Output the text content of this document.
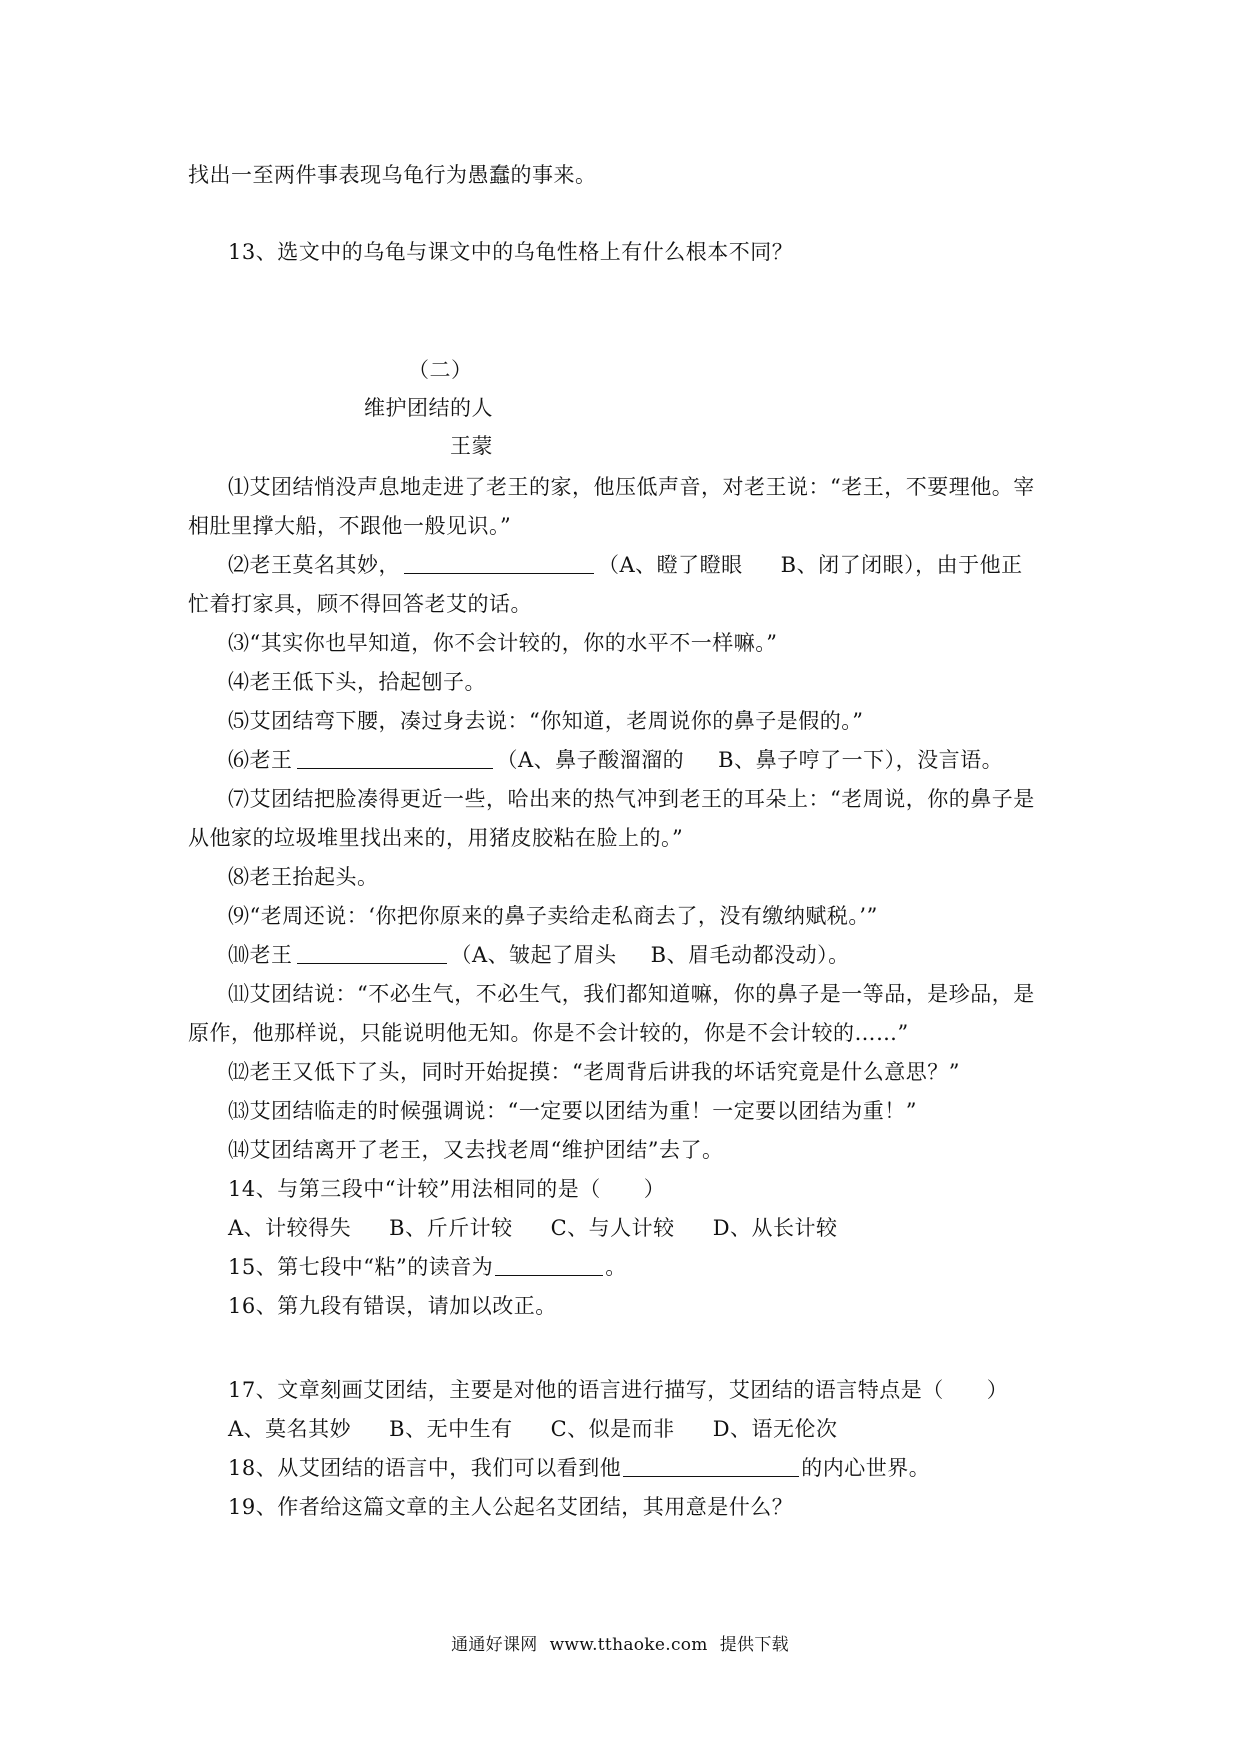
找出一至两件事表现乌龟行为愚蠢的事来。
13、选文中的乌龟与课文中的乌龟性格上有什么根本不同？
（二）
维护团结的人
王蒙
⑴艾团结悄没声息地走进了老王的家，他压低声音，对老王说：“老王，不要理他。宰
相肚里撑大船，不跟他一般见识。”
⑵老王莫名其妙，	（A、瞪了瞪眼 B、闭了闭眼），由于他正
忙着打家具，顾不得回答老艾的话。
⑶“其实你也早知道，你不会计较的，你的水平不一样嘛。”
⑷老王低下头，拾起刨子。
⑸艾团结弯下腰，凑过身去说：“你知道，老周说你的鼻子是假的。”
⑹老王	（A、鼻子酸溜溜的 B、鼻子哼了一下），没言语。
⑺艾团结把脸凑得更近一些，哈出来的热气冲到老王的耳朵上：“老周说，你的鼻子是
从他家的垃圾堆里找出来的，用猪皮胶粘在脸上的。”
⑻老王抬起头。
⑼“老周还说：‘你把你原来的鼻子卖给走私商去了，没有缴纳赋税。’”
⑽老王	（A、皱起了眉头 B、眉毛动都没动）。
⑾艾团结说：“不必生气，不必生气，我们都知道嘛，你的鼻子是一等品，是珍品，是
原作，他那样说，只能说明他无知。你是不会计较的，你是不会计较的……”
⑿老王又低下了头，同时开始捉摸：“老周背后讲我的坏话究竟是什么意思？”
⒀艾团结临走的时候强调说：“一定要以团结为重！一定要以团结为重！”
⒁艾团结离开了老王，又去找老周“维护团结”去了。
14、与第三段中“计较”用法相同的是（　　）
A、计较得失 B、斤斤计较 C、与人计较 D、从长计较
15、第七段中“粘”的读音为	。
16、第九段有错误，请加以改正。
17、文章刻画艾团结，主要是对他的语言进行描写，艾团结的语言特点是（　　）
A、莫名其妙 B、无中生有 C、似是而非 D、语无伦次
18、从艾团结的语言中，我们可以看到他	的内心世界。
19、作者给这篇文章的主人公起名艾团结，其用意是什么？
通通好课网 www.tthaoke.com 提供下载
